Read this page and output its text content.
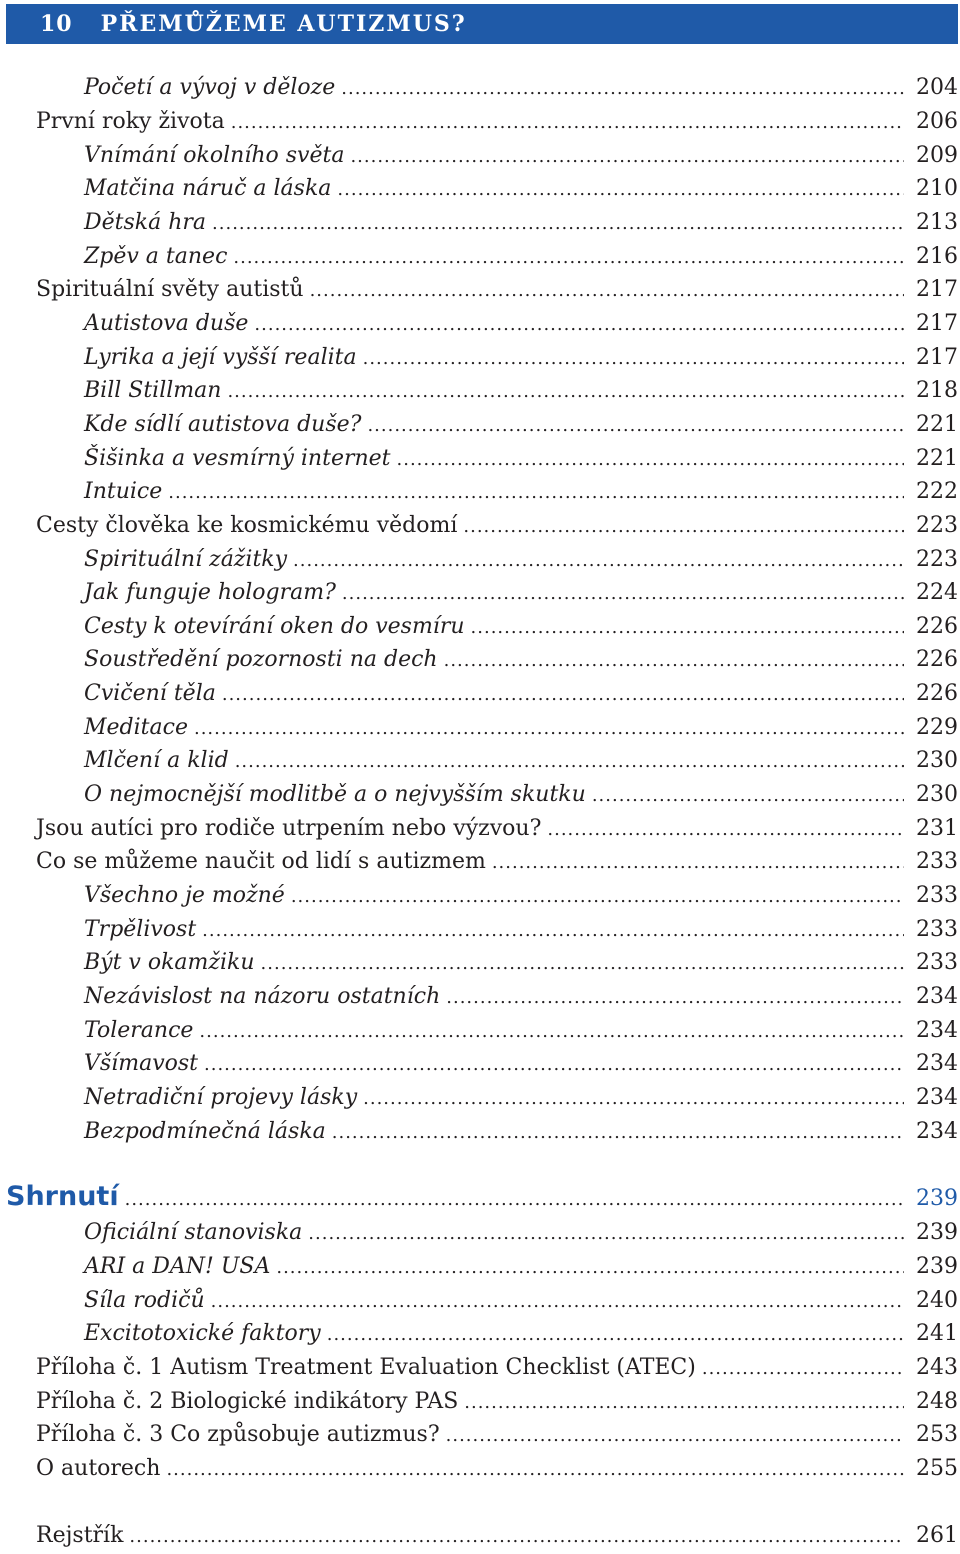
10 PŘEMŮŽEME AUTIZMUS?
Početí a vývoj v děloze .....	204
První roky života .....	206
Vnímání okolního světa .....	209
Matčina náruč a láska .....	210
Dětská hra .....	213
Zpěv a tanec .....	216
Spirituální světy autistů .....	217
Autistova duše .....	217
Lyrika a její vyšší realita .....	217
Bill Stillman .....	218
Kde sídlí autistova duše? .....	221
Šišinka a vesmírný internet .....	221
Intuice .....	222
Cesty člověka ke kosmickému vědomí .....	223
Spirituální zážitky .....	223
Jak funguje hologram? .....	224
Cesty k otevírání oken do vesmíru .....	226
Soustředění pozornosti na dech .....	226
Cvičení těla .....	226
Meditace .....	229
Mlčení a klid .....	230
O nejmocnější modlitbě a o nejvyšším skutku .....	230
Jsou autíci pro rodiče utrpením nebo výzvou? .....	231
Co se můžeme naučit od lidí s autizmem .....	233
Všechno je možné .....	233
Trpělivost .....	233
Být v okamžiku .....	233
Nezávislost na názoru ostatních .....	234
Tolerance .....	234
Všímavost .....	234
Netradiční projevy lásky .....	234
Bezpodmínečná láska .....	234
Shrnutí .....	239
Oficiální stanoviska .....	239
ARI a DAN! USA .....	239
Síla rodičů .....	240
Excitotoxické faktory .....	241
Příloha č. 1 Autism Treatment Evaluation Checklist (ATEC) .....	243
Příloha č. 2 Biologické indikátory PAS .....	248
Příloha č. 3 Co způsobuje autizmus? .....	253
O autorech .....	255
Rejstřík .....	261
